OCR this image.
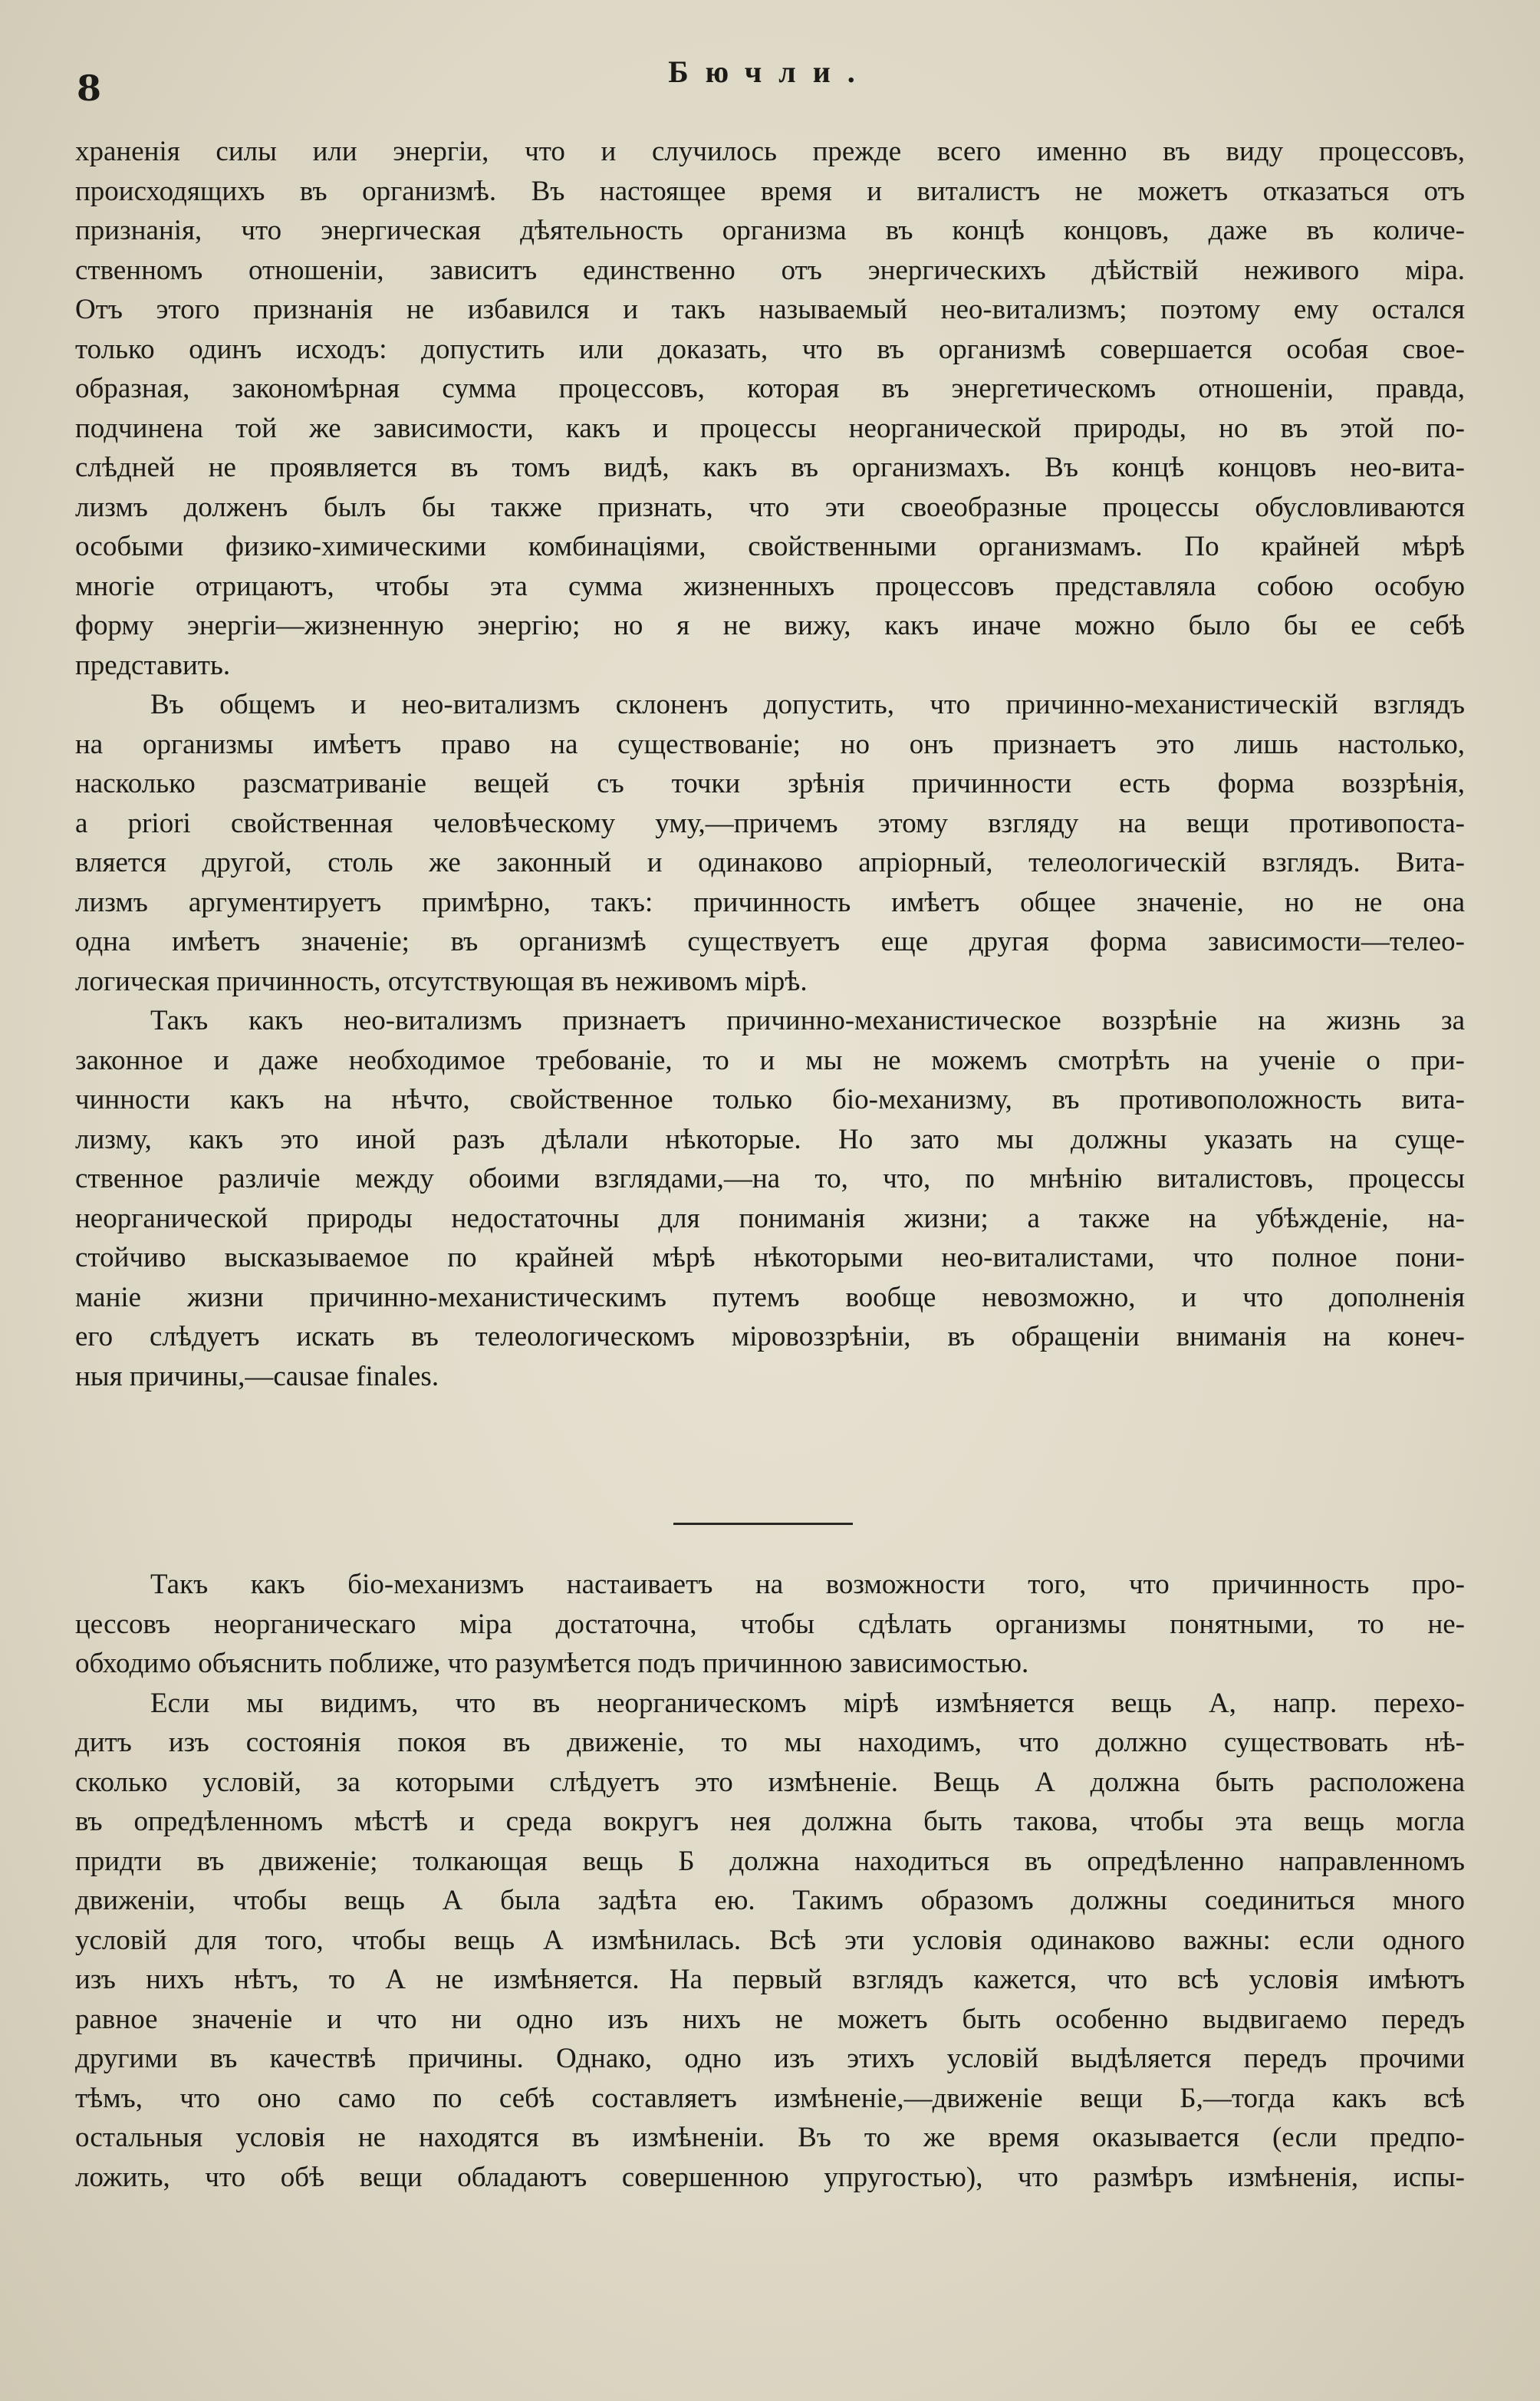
8	Бючли.
храненія силы или энергіи, что и случилось прежде всего именно въ виду процессовъ,
происходящихъ въ организмѣ. Въ настоящее время и виталистъ не можетъ отказаться отъ
признанія, что энергическая дѣятельность организма въ концѣ концовъ, даже въ количе-
ственномъ отношеніи, зависитъ единственно отъ энергическихъ дѣйствій неживого міра.
Отъ этого признанія не избавился и такъ называемый нео-витализмъ; поэтому ему остался
только одинъ исходъ: допустить или доказать, что въ организмѣ совершается особая свое-
образная, закономѣрная сумма процессовъ, которая въ энергетическомъ отношеніи, правда,
подчинена той же зависимости, какъ и процессы неорганической природы, но въ этой по-
слѣдней не проявляется въ томъ видѣ, какъ въ организмахъ. Въ концѣ концовъ нео-вита-
лизмъ долженъ былъ бы также признать, что эти своеобразные процессы обусловливаются
особыми физико-химическими комбинаціями, свойственными организмамъ. По крайней мѣрѣ
многіе отрицаютъ, чтобы эта сумма жизненныхъ процессовъ представляла собою особую
форму энергіи—жизненную энергію; но я не вижу, какъ иначе можно было бы ее себѣ
представить.
Въ общемъ и нео-витализмъ склоненъ допустить, что причинно-механистическій взглядъ
на организмы имѣетъ право на существованіе; но онъ признаетъ это лишь настолько,
насколько разсматриваніе вещей съ точки зрѣнія причинности есть форма воззрѣнія,
a priori свойственная человѣческому уму,—причемъ этому взгляду на вещи противопоста-
вляется другой, столь же законный и одинаково апріорный, телеологическій взглядъ. Вита-
лизмъ аргументируетъ примѣрно, такъ: причинность имѣетъ общее значеніе, но не она
одна имѣетъ значеніе; въ организмѣ существуетъ еще другая форма зависимости—телео-
логическая причинность, отсутствующая въ неживомъ мірѣ.
Такъ какъ нео-витализмъ признаетъ причинно-механистическое воззрѣніе на жизнь за
законное и даже необходимое требованіе, то и мы не можемъ смотрѣть на ученіе о при-
чинности какъ на нѣчто, свойственное только біо-механизму, въ противоположность вита-
лизму, какъ это иной разъ дѣлали нѣкоторые. Но зато мы должны указать на суще-
ственное различіе между обоими взглядами,—на то, что, по мнѣнію виталистовъ, процессы
неорганической природы недостаточны для пониманія жизни; а также на убѣжденіе, на-
стойчиво высказываемое по крайней мѣрѣ нѣкоторыми нео-виталистами, что полное пони-
маніе жизни причинно-механистическимъ путемъ вообще невозможно, и что дополненія
его слѣдуетъ искать въ телеологическомъ міровоззрѣніи, въ обращеніи вниманія на конеч-
ныя причины,—causae finales.
Такъ какъ біо-механизмъ настаиваетъ на возможности того, что причинность про-
цессовъ неорганическаго міра достаточна, чтобы сдѣлать организмы понятными, то не-
обходимо объяснить поближе, что разумѣется подъ причинною зависимостью.
Если мы видимъ, что въ неорганическомъ мірѣ измѣняется вещь А, напр. перехо-
дитъ изъ состоянія покоя въ движеніе, то мы находимъ, что должно существовать нѣ-
сколько условій, за которыми слѣдуетъ это измѣненіе. Вещь А должна быть расположена
въ опредѣленномъ мѣстѣ и среда вокругъ нея должна быть такова, чтобы эта вещь могла
придти въ движеніе; толкающая вещь Б должна находиться въ опредѣленно направленномъ
движеніи, чтобы вещь А была задѣта ею. Такимъ образомъ должны соединиться много
условій для того, чтобы вещь А измѣнилась. Всѣ эти условія одинаково важны: если одного
изъ нихъ нѣтъ, то А не измѣняется. На первый взглядъ кажется, что всѣ условія имѣютъ
равное значеніе и что ни одно изъ нихъ не можетъ быть особенно выдвигаемо передъ
другими въ качествѣ причины. Однако, одно изъ этихъ условій выдѣляется передъ прочими
тѣмъ, что оно само по себѣ составляетъ измѣненіе,—движеніе вещи Б,—тогда какъ всѣ
остальныя условія не находятся въ измѣненіи. Въ то же время оказывается (если предпо-
ложить, что обѣ вещи обладаютъ совершенною упругостью), что размѣръ измѣненія, испы-
